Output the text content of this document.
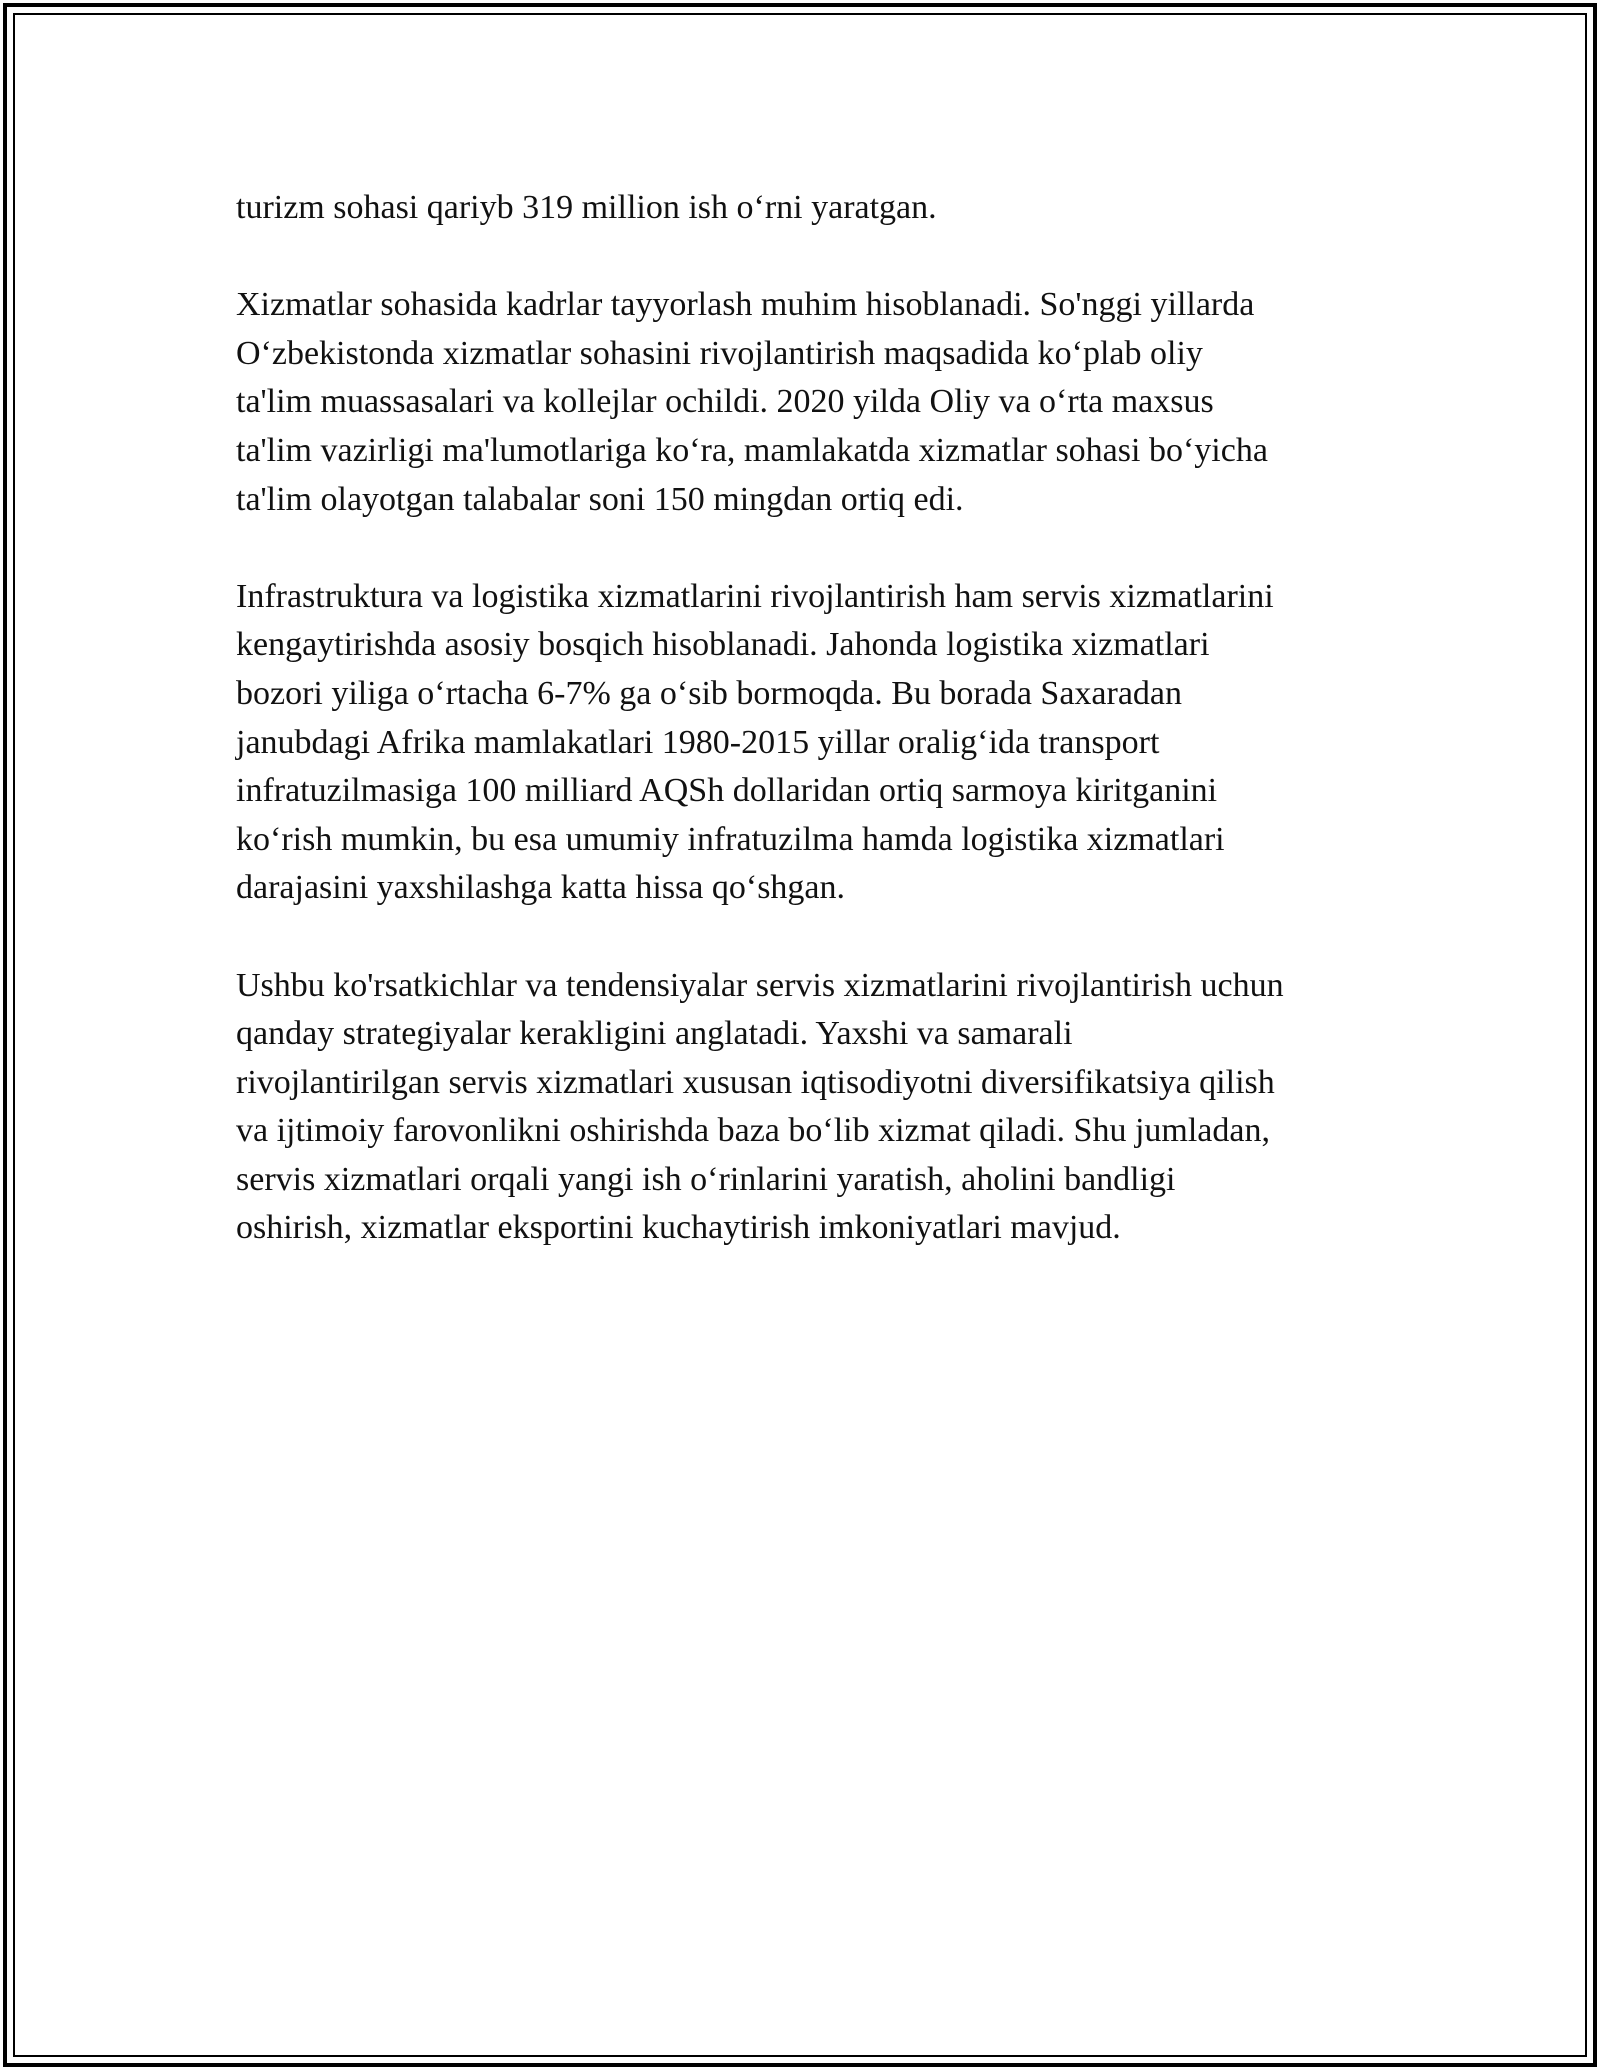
turizm sohasi qariyb 319 million ish o‘rni yaratgan.

Xizmatlar sohasida kadrlar tayyorlash muhim hisoblanadi. So'nggi yillarda
O‘zbekistonda xizmatlar sohasini rivojlantirish maqsadida ko‘plab oliy
ta'lim muassasalari va kollejlar ochildi. 2020 yilda Oliy va o‘rta maxsus
ta'lim vazirligi ma'lumotlariga ko‘ra, mamlakatda xizmatlar sohasi bo‘yicha
ta'lim olayotgan talabalar soni 150 mingdan ortiq edi.

Infrastruktura va logistika xizmatlarini rivojlantirish ham servis xizmatlarini
kengaytirishda asosiy bosqich hisoblanadi. Jahonda logistika xizmatlari
bozori yiliga o‘rtacha 6-7% ga o‘sib bormoqda. Bu borada Saxaradan
janubdagi Afrika mamlakatlari 1980-2015 yillar oralig‘ida transport
infratuzilmasiga 100 milliard AQSh dollaridan ortiq sarmoya kiritganini
ko‘rish mumkin, bu esa umumiy infratuzilma hamda logistika xizmatlari
darajasini yaxshilashga katta hissa qo‘shgan.

Ushbu ko'rsatkichlar va tendensiyalar servis xizmatlarini rivojlantirish uchun
qanday strategiyalar kerakligini anglatadi. Yaxshi va samarali
rivojlantirilgan servis xizmatlari xususan iqtisodiyotni diversifikatsiya qilish
va ijtimoiy farovonlikni oshirishda baza bo‘lib xizmat qiladi. Shu jumladan,
servis xizmatlari orqali yangi ish o‘rinlarini yaratish, aholini bandligi
oshirish, xizmatlar eksportini kuchaytirish imkoniyatlari mavjud.
